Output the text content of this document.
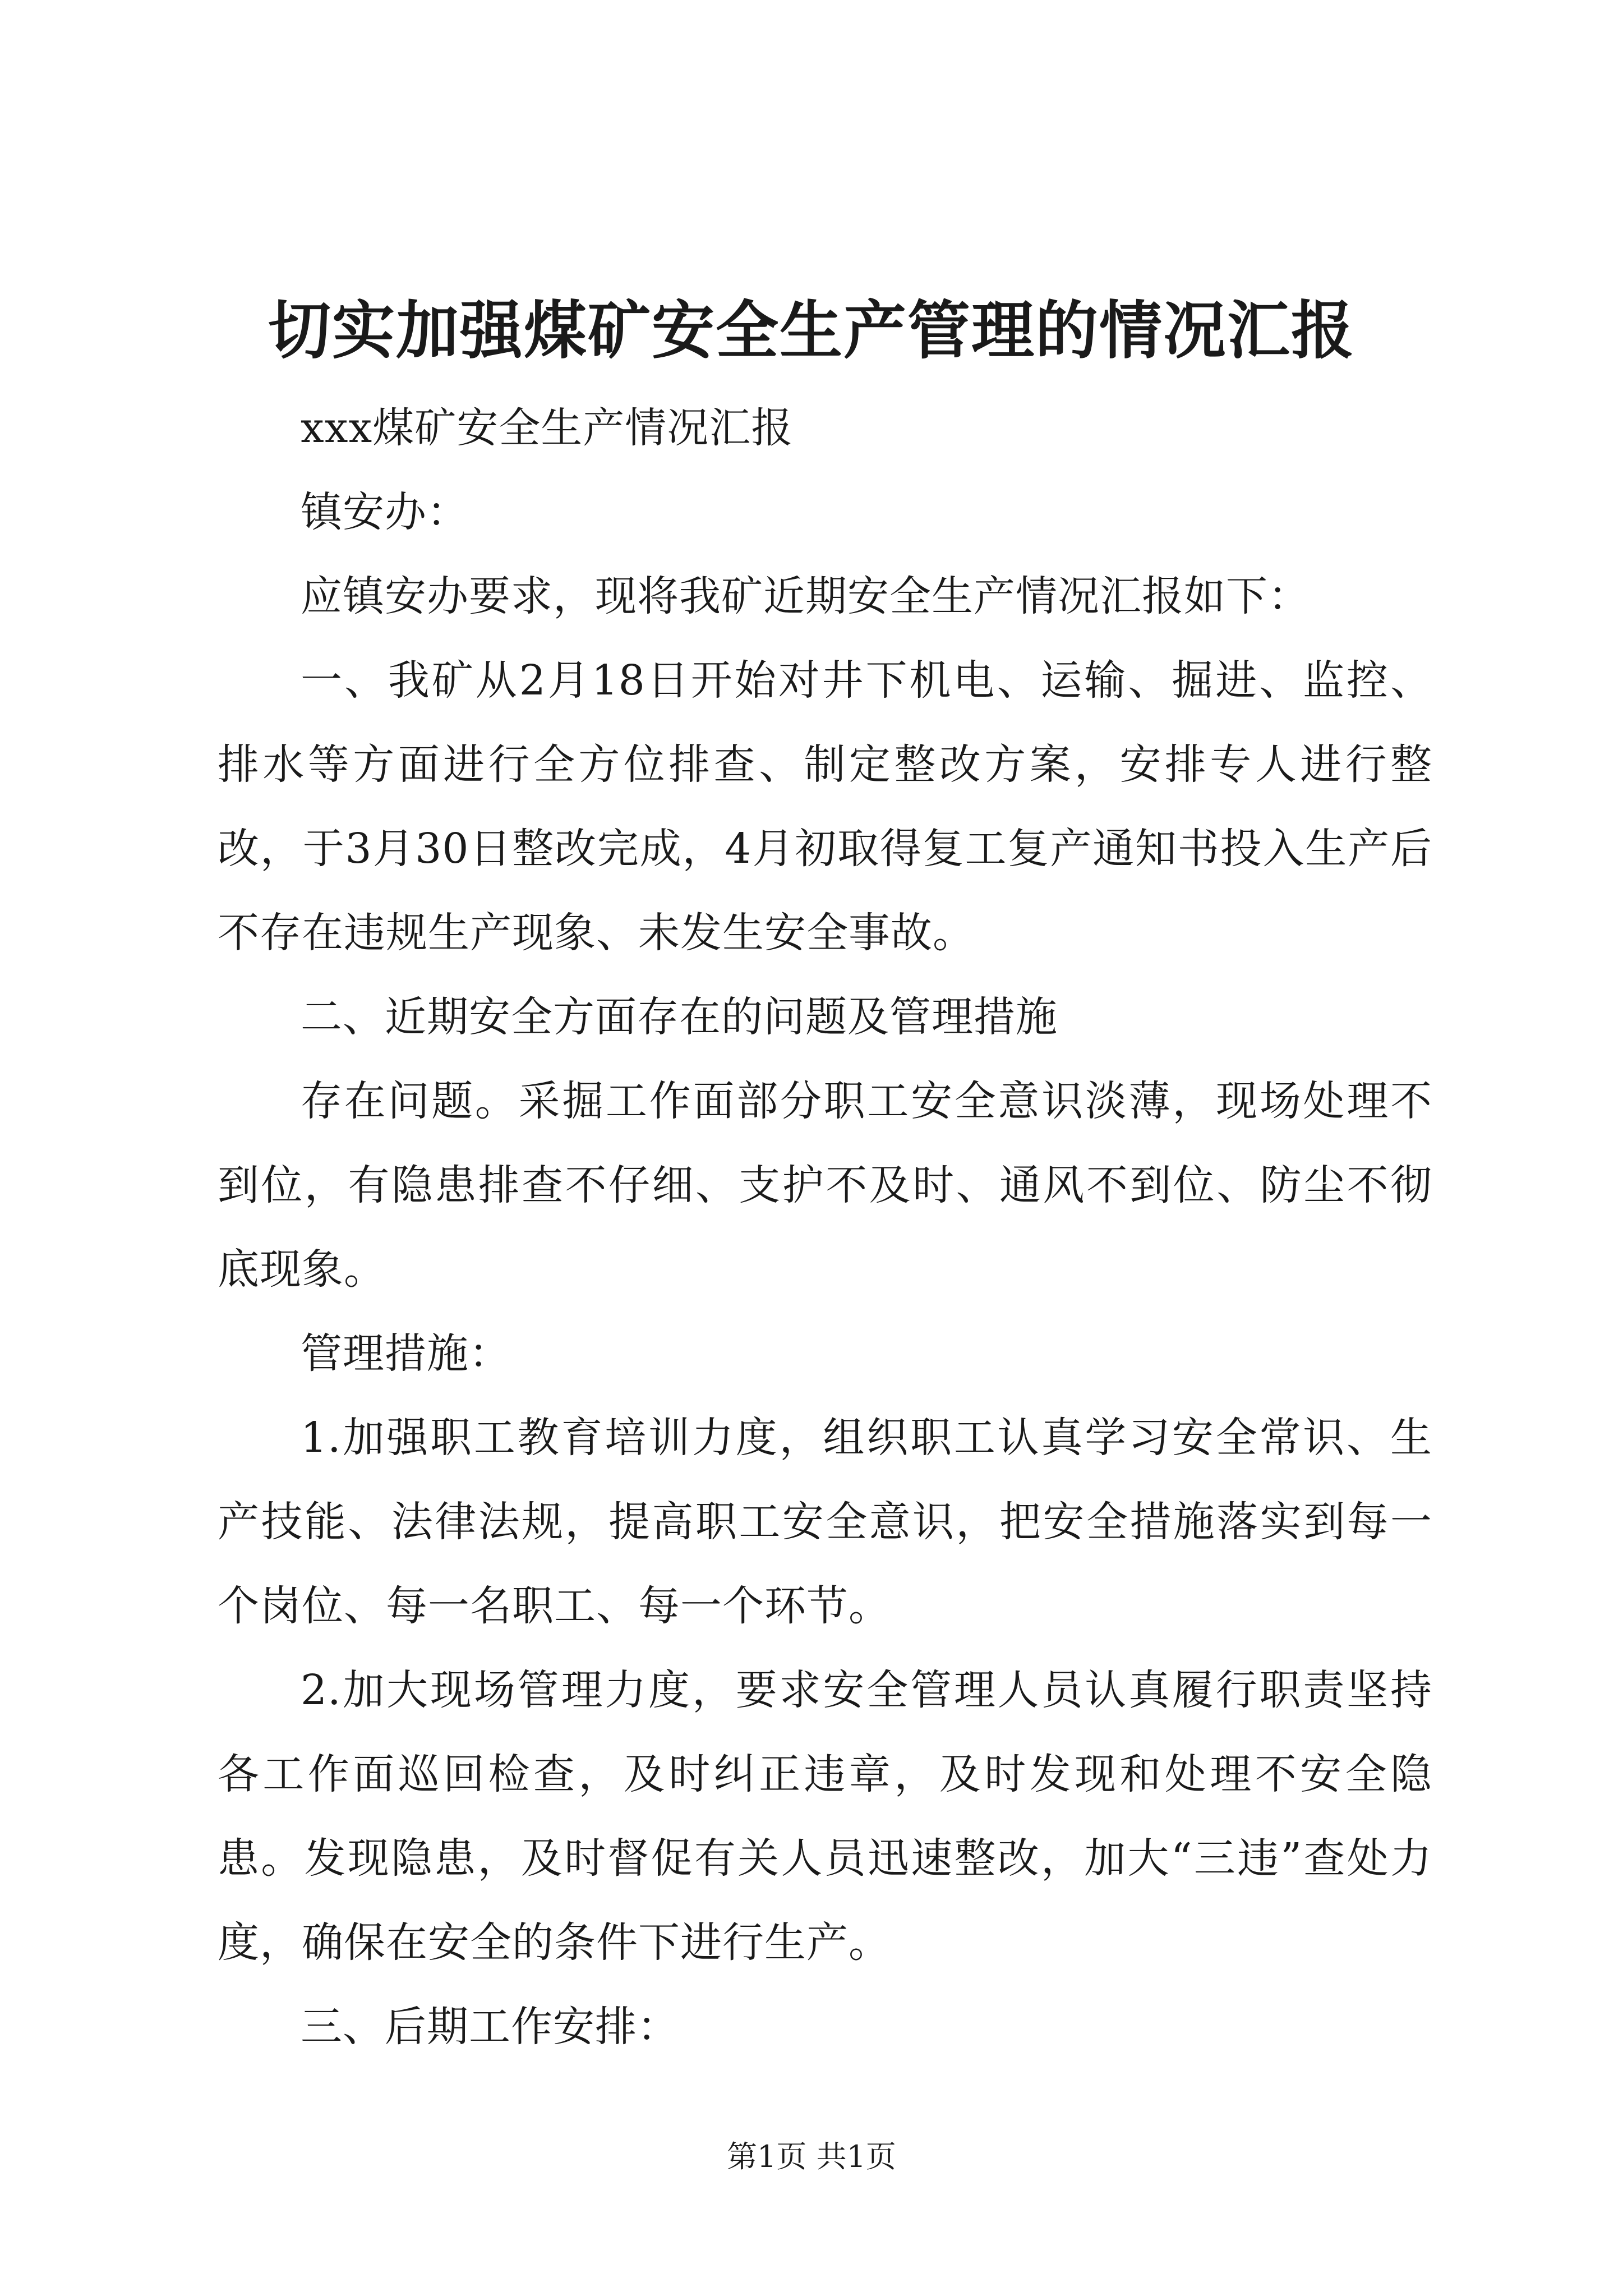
切实加强煤矿安全生产管理的情况汇报

xxx煤矿安全生产情况汇报

镇安办：

应镇安办要求，现将我矿近期安全生产情况汇报如下：

一、我矿从2月18日开始对井下机电、运输、掘进、监控、排水等方面进行全方位排查、制定整改方案，安排专人进行整改，于3月30日整改完成，4月初取得复工复产通知书投入生产后不存在违规生产现象、未发生安全事故。

二、近期安全方面存在的问题及管理措施

存在问题。采掘工作面部分职工安全意识淡薄，现场处理不到位，有隐患排查不仔细、支护不及时、通风不到位、防尘不彻底现象。

管理措施：

1.加强职工教育培训力度，组织职工认真学习安全常识、生产技能、法律法规，提高职工安全意识，把安全措施落实到每一个岗位、每一名职工、每一个环节。

2.加大现场管理力度，要求安全管理人员认真履行职责坚持各工作面巡回检查，及时纠正违章，及时发现和处理不安全隐患。发现隐患，及时督促有关人员迅速整改，加大“三违”查处力度，确保在安全的条件下进行生产。

三、后期工作安排：

第1页 共1页
